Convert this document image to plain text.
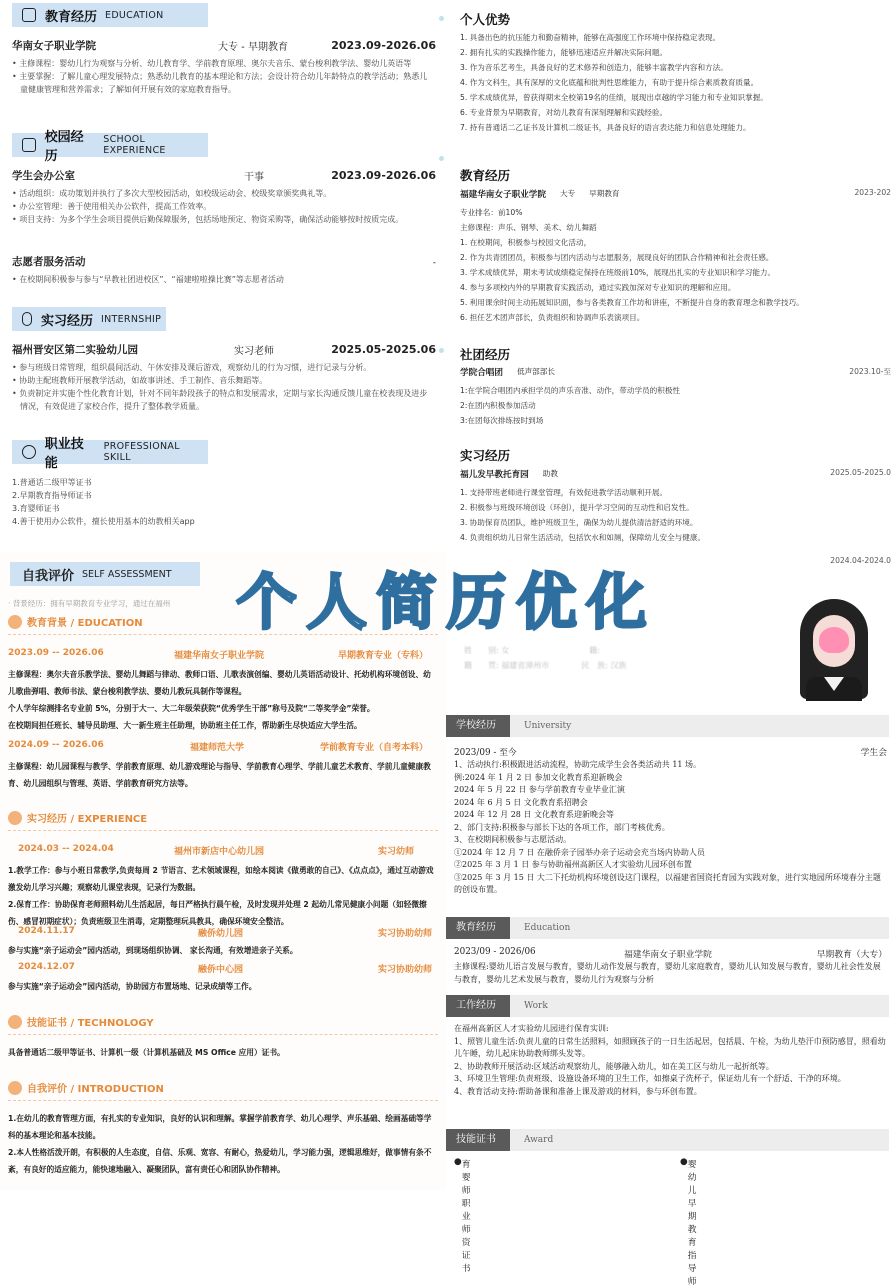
教育经历 EDUCATION
华南女子职业学院	大专 - 早期教育	2023.09-2026.06

• 主修课程：婴幼儿行为观察与分析、幼儿教育学、学前教育原理、奥尔夫音乐、蒙台梭利教学法、婴幼儿英语等

• 主要掌握：了解儿童心理发展特点；熟悉幼儿教育的基本理论和方法；会设计符合幼儿年龄特点的教学活动；熟悉儿童健康管理和营养需求；了解如何开展有效的家庭教育指导。

校园经历
SCHOOL EXPERIENCE
学生会办公室	干事	2023.09-2026.06

• 活动组织：成功策划并执行了多次大型校园活动，如校级运动会、校级奖章颁奖典礼等。

• 办公室管理：善于使用相关办公软件，提高工作效率。

• 项目支持：为多个学生会项目提供后勤保障服务，包括场地预定、物资采购等，确保活动能够按时按质完成。

志愿者服务活动	-

• 在校期间积极参与参与“早教社团进校区”、“福建啦啦操比赛”等志愿者活动

实习经历 INTERNSHIP
福州晋安区第二实验幼儿园	实习老师	2025.05-2025.06

• 参与班级日常管理，组织晨间活动、午休安排及课后游戏，观察幼儿的行为习惯，进行记录与分析。

• 协助主配班教师开展教学活动，如故事讲述、手工制作、音乐舞蹈等。

• 负责制定并实施个性化教育计划，针对不同年龄段孩子的特点和发展需求，定期与家长沟通反馈儿童在校表现及进步情况，有效促进了家校合作，提升了整体教学质量。

职业技能
PROFESSIONAL SKILL

1.普通话二级甲等证书

2.早期教育指导师证书

3.育婴师证书

4.善于使用办公软件，擅长使用基本的幼教相关app

个人优势
1. 具备出色的抗压能力和勤奋精神，能够在高强度工作环境中保持稳定表现。
2. 拥有扎实的实践操作能力，能够迅速适应并解决实际问题。
3. 作为音乐艺考生，具备良好的艺术修养和创造力，能够丰富教学内容和方法。
4. 作为文科生，具有深厚的文化底蕴和批判性思维能力，有助于提升综合素质教育质量。
5. 学术成绩优异，曾获得期末全校第19名的佳绩，展现出卓越的学习能力和专业知识掌握。
6. 专业背景为早期教育，对幼儿教育有深刻理解和实践经验。
7. 持有普通话二乙证书及计算机二级证书，具备良好的语言表达能力和信息处理能力。
教育经历
福建华南女子职业学院 大专 早期教育	2023-202
专业排名：前10%
主修课程：声乐、钢琴、美术、幼儿舞蹈
1. 在校期间，积极参与校园文化活动，
2. 作为共青团团员，积极参与团内活动与志愿服务，展现良好的团队合作精神和社会责任感。
3. 学术成绩优异，期末考试成绩稳定保持在班级前10%，展现出扎实的专业知识和学习能力。
4. 参与多项校内外的早期教育实践活动，通过实践加深对专业知识的理解和应用。
5. 利用课余时间主动拓展知识面，参与各类教育工作坊和讲座，不断提升自身的教育理念和教学技巧。
6. 担任艺术团声部长，负责组织和协调声乐表演项目。
社团经历
学院合唱团 低声部部长	2023.10-至
1:在学院合唱团内承担学员的声乐音准、动作，带动学员的积极性
2:在团内积极参加活动
3:在团每次排练按时到场
实习经历
福儿发早教托育园 助教	2025.05-2025.0
1. 支持带班老师进行课堂管理，有效促进教学活动顺利开展。
2. 积极参与班级环境创设（环创），提升学习空间的互动性和启发性。
3. 协助保育员团队，维护班级卫生，确保为幼儿提供清洁舒适的环境。
4. 负责组织幼儿日常生活活动，包括饮水和如厕，保障幼儿安全与健康。
2024.04-2024.0
自我评价 SELF ASSESSMENT
· 背景经历：拥有早期教育专业学习，通过在福州
教育背景 / EDUCATION
2023.09 -- 2026.06	福建华南女子职业学院	早期教育专业（专科）
主修课程：奥尔夫音乐教学法、婴幼儿舞蹈与律动、教师口语、儿歌表演创编、婴幼儿英语活动设计、托幼机构环境创设、幼儿歌曲弹唱、教师书法、蒙台梭利教学法、婴幼儿教玩具制作等课程。
个人学年综测排名专业前 5%，分别于大一、大二年级荣获院“优秀学生干部”称号及院“二等奖学金”荣誉。
在校期间担任班长、辅导员助理、大一新生班主任助理，协助班主任工作，帮助新生尽快适应大学生活。
2024.09 -- 2026.06	福建师范大学	学前教育专业（自考本科）
主修课程：幼儿园课程与教学、学前教育原理、幼儿游戏理论与指导、学前教育心理学、学前儿童艺术教育、学前儿童健康教育、幼儿园组织与管理、英语、学前教育研究方法等。
实习经历 / EXPERIENCE
2024.03 -- 2024.04	福州市新店中心幼儿园	实习幼师
1.教学工作：参与小班日常教学,负责每周 2 节语言、艺术领域课程，如绘本阅读《做勇敢的自己》、《点点点》，通过互动游戏激发幼儿学习兴趣；观察幼儿课堂表现，记录行为数据。
2.保育工作：协助保育老师照料幼儿生活起居，每日严格执行晨午检，及时发现并处理 2 起幼儿常见健康小问题（如轻微擦伤、感冒初期症状）；负责班级卫生消毒，定期整理玩具教具，确保环境安全整洁。
2024.11.17	融侨幼儿园	实习协助幼师
参与实施“亲子运动会”园内活动，到现场组织协调、 家长沟通，有效增进亲子关系。
2024.12.07	融侨中心园	实习协助幼师
参与实施“亲子运动会”园内活动，协助园方布置场地、记录成绩等工作。
技能证书 / TECHNOLOGY
具备普通话二级甲等证书、计算机一级（计算机基础及 MS Office 应用）证书。
自我评价 / INTRODUCTION
1.在幼儿的教育管理方面，有扎实的专业知识，良好的认识和理解。掌握学前教育学、幼儿心理学、声乐基础、绘画基础等学科的基本理论和基本技能。
2.本人性格活泼开朗，有积极的人生态度，自信、乐观、宽容、有耐心，热爱幼儿，学习能力强，逻辑思维好，做事情有条不紊，有良好的适应能力，能快速地融入、凝聚团队，富有责任心和团队协作精神。
姓　　别: 女　　　　　　　　　　籍:
籍　　贯: 福建省漳州市　　　　民　族: 汉族
学校经历	University
2023/09 - 至今	学生会
1、活动执行:积极跟进活动流程，协助完成学生会各类活动共 11 场。
例:2024 年 1 月 2 日 参加文化教育系迎新晚会
2024 年 5 月 22 日 参与学前教育专业毕业汇演
2024 年 6 月 5 日 文化教育系招聘会
2024 年 12 月 28 日 文化教育系迎新晚会等
2、部门支持:积极参与部长下达的各项工作，部门考核优秀。
3、在校期间积极参与志愿活动。
①2024 年 12 月 7 日 在融侨亲子园举办亲子运动会充当场内协助人员
②2025 年 3 月 1 日 参与协助福州高新区人才实验幼儿园环创布置
③2025 年 3 月 15 日 大二下托幼机构环境创设这门课程，以福建省国资托育园为实践对象，进行实地园所环境春分主题的创设布置。
教育经历	Education
2023/09 - 2026/06	福建华南女子职业学院	早期教育（大专）
主修课程:婴幼儿语言发展与教育，婴幼儿动作发展与教育，婴幼儿家庭教育，婴幼儿认知发展与教育，婴幼儿社会性发展与教育，婴幼儿艺术发展与教育，婴幼儿行为观察与分析
工作经历	Work
在福州高新区人才实验幼儿园进行保育实训:
1、照管儿童生活:负责儿童的日常生活照料，如照顾孩子的一日生活起居，包括晨、午检，为幼儿垫汗巾预防感冒，照看幼儿午睡，幼儿起床协助教师绑头发等。
2、协助教师开展活动:区域活动观察幼儿，能够融入幼儿，如在美工区与幼儿一起折纸等。
3、环境卫生管理:负责班级、设施设备环境的卫生工作，如擦桌子洗杯子，保证幼儿有一个舒适、干净的环境。
4、教育活动支持:帮助备课和准备上课及游戏的材料，参与环创布置。
技能证书	Award
● 育婴师职业师资证书
● 婴幼儿早期教育指导师
个人简历优化
